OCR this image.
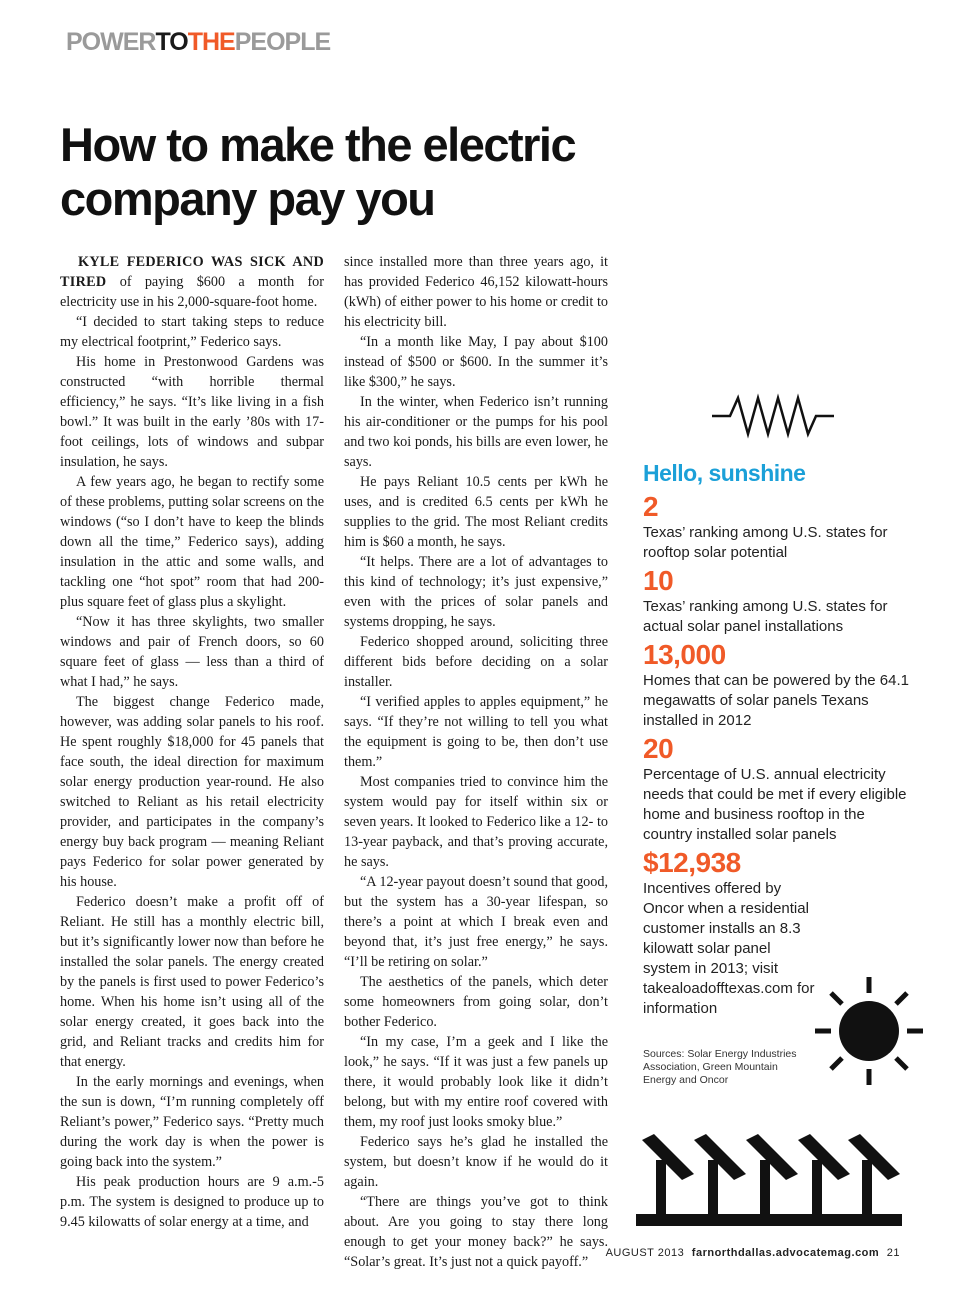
POWERTOTHEPEOPLE
How to make the electric company pay you

KYLE FEDERICO WAS SICK AND TIRED of paying $600 a month for electricity use in his 2,000-square-foot home.

“I decided to start taking steps to reduce my electrical footprint,” Federico says.

His home in Prestonwood Gardens was constructed “with horrible thermal efficiency,” he says. “It’s like living in a fish bowl.” It was built in the early ’80s with 17-foot ceilings, lots of windows and subpar insulation, he says.

A few years ago, he began to rectify some of these problems, putting solar screens on the windows (“so I don’t have to keep the blinds down all the time,” Federico says), adding insulation in the attic and some walls, and tackling one “hot spot” room that had 200-plus square feet of glass plus a skylight.

“Now it has three skylights, two smaller windows and pair of French doors, so 60 square feet of glass — less than a third of what I had,” he says.

The biggest change Federico made, however, was adding solar panels to his roof. He spent roughly $18,000 for 45 panels that face south, the ideal direction for maximum solar energy production year-round. He also switched to Reliant as his retail electricity provider, and participates in the company’s energy buy back program — meaning Reliant pays Federico for solar power generated by his house.

Federico doesn’t make a profit off of Reliant. He still has a monthly electric bill, but it’s significantly lower now than before he installed the solar panels. The energy created by the panels is first used to power Federico’s home. When his home isn’t using all of the solar energy created, it goes back into the grid, and Reliant tracks and credits him for that energy.

In the early mornings and evenings, when the sun is down, “I’m running completely off Reliant’s power,” Federico says. “Pretty much during the work day is when the power is going back into the system.”

His peak production hours are 9 a.m.-5 p.m. The system is designed to produce up to 9.45 kilowatts of solar energy at a time, and

since installed more than three years ago, it has provided Federico 46,152 kilowatt-hours (kWh) of either power to his home or credit to his electricity bill.

“In a month like May, I pay about $100 instead of $500 or $600. In the summer it’s like $300,” he says.

In the winter, when Federico isn’t running his air-conditioner or the pumps for his pool and two koi ponds, his bills are even lower, he says.

He pays Reliant 10.5 cents per kWh he uses, and is credited 6.5 cents per kWh he supplies to the grid. The most Reliant credits him is $60 a month, he says.

“It helps. There are a lot of advantages to this kind of technology; it’s just expensive,” even with the prices of solar panels and systems dropping, he says.

Federico shopped around, soliciting three different bids before deciding on a solar installer.

“I verified apples to apples equipment,” he says. “If they’re not willing to tell you what the equipment is going to be, then don’t use them.”

Most companies tried to convince him the system would pay for itself within six or seven years. It looked to Federico like a 12- to 13-year payback, and that’s proving accurate, he says.

“A 12-year payout doesn’t sound that good, but the system has a 30-year lifespan, so there’s a point at which I break even and beyond that, it’s just free energy,” he says. “I’ll be retiring on solar.”

The aesthetics of the panels, which deter some homeowners from going solar, don’t bother Federico.

“In my case, I’m a geek and I like the look,” he says. “If it was just a few panels up there, it would probably look like it didn’t belong, but with my entire roof covered with them, my roof just looks smoky blue.”

Federico says he’s glad he installed the system, but doesn’t know if he would do it again.

“There are things you’ve got to think about. Are you going to stay there long enough to get your money back?” he says. “Solar’s great. It’s just not a quick payoff.”

Hello, sunshine
2
Texas’ ranking among U.S. states for rooftop solar potential
10
Texas’ ranking among U.S. states for actual solar panel installations
13,000
Homes that can be powered by the 64.1 megawatts of solar panels Texans installed in 2012
20
Percentage of U.S. annual electricity needs that could be met if every eligible home and business rooftop in the country installed solar panels
$12,938
Incentives offered by Oncor when a residential customer installs an 8.3 kilowatt solar panel system in 2013; visit takealoadofftexas.com for information
Sources: Solar Energy Industries Association, Green Mountain Energy and Oncor
AUGUST 2013 farnorthdallas.advocatemag.com 21
